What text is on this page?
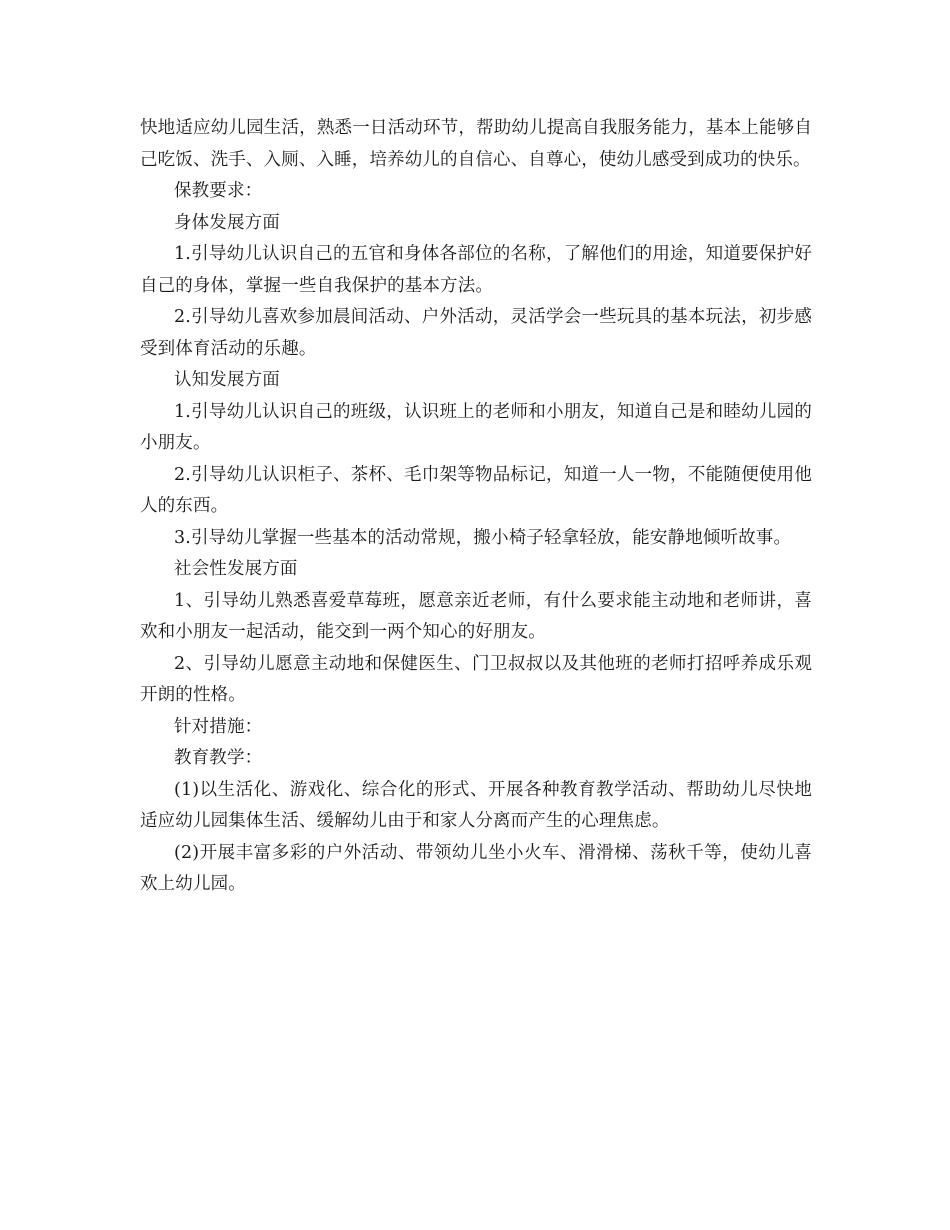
快地适应幼儿园生活，熟悉一日活动环节，帮助幼儿提高自我服务能力，基本上能够自己吃饭、洗手、入厕、入睡，培养幼儿的自信心、自尊心，使幼儿感受到成功的快乐。

保教要求：

身体发展方面

1.引导幼儿认识自己的五官和身体各部位的名称，了解他们的用途，知道要保护好自己的身体，掌握一些自我保护的基本方法。

2.引导幼儿喜欢参加晨间活动、户外活动，灵活学会一些玩具的基本玩法，初步感受到体育活动的乐趣。

认知发展方面

1.引导幼儿认识自己的班级，认识班上的老师和小朋友，知道自己是和睦幼儿园的小朋友。

2.引导幼儿认识柜子、茶杯、毛巾架等物品标记，知道一人一物，不能随便使用他人的东西。

3.引导幼儿掌握一些基本的活动常规，搬小椅子轻拿轻放，能安静地倾听故事。

社会性发展方面

1、引导幼儿熟悉喜爱草莓班，愿意亲近老师，有什么要求能主动地和老师讲，喜欢和小朋友一起活动，能交到一两个知心的好朋友。

2、引导幼儿愿意主动地和保健医生、门卫叔叔以及其他班的老师打招呼养成乐观开朗的性格。

针对措施：

教育教学：

(1)以生活化、游戏化、综合化的形式、开展各种教育教学活动、帮助幼儿尽快地适应幼儿园集体生活、缓解幼儿由于和家人分离而产生的心理焦虑。

(2)开展丰富多彩的户外活动、带领幼儿坐小火车、滑滑梯、荡秋千等，使幼儿喜欢上幼儿园。
